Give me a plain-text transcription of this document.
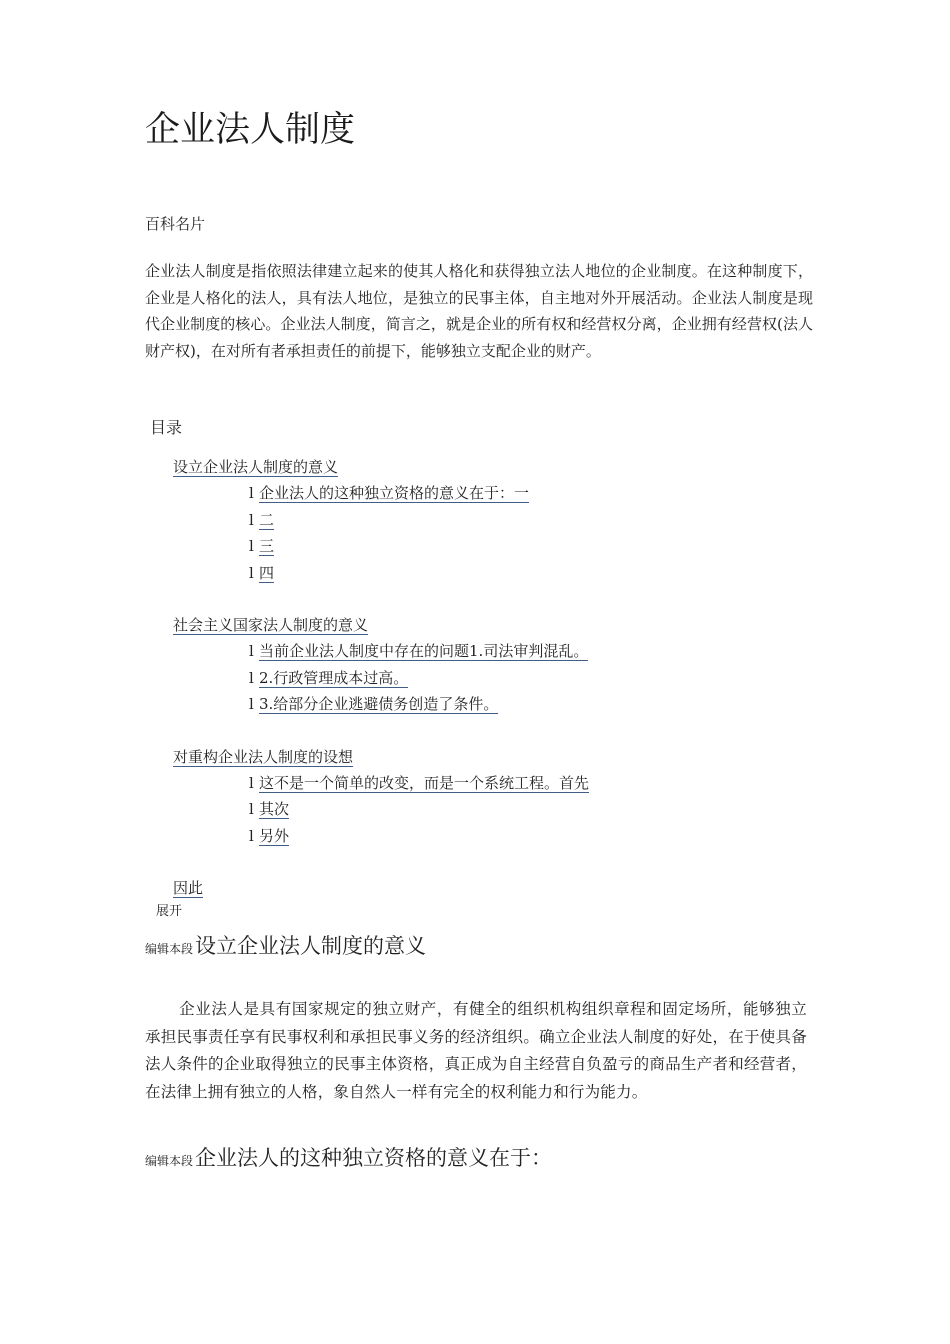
企业法人制度
百科名片

企业法人制度是指依照法律建立起来的使其人格化和获得独立法人地位的企业制度。在这种制度下，企业是人格化的法人，具有法人地位，是独立的民事主体，自主地对外开展活动。企业法人制度是现代企业制度的核心。企业法人制度，简言之，就是企业的所有权和经营权分离，企业拥有经营权(法人财产权)，在对所有者承担责任的前提下，能够独立支配企业的财产。

目录
设立企业法人制度的意义
l 企业法人的这种独立资格的意义在于：一
l 二
l 三
l 四
社会主义国家法人制度的意义
l 当前企业法人制度中存在的问题1.司法审判混乱。
l 2.行政管理成本过高。
l 3.给部分企业逃避债务创造了条件。
对重构企业法人制度的设想
l 这不是一个简单的改变，而是一个系统工程。首先
l 其次
l 另外
因此
展开
编辑本段设立企业法人制度的意义

企业法人是具有国家规定的独立财产，有健全的组织机构组织章程和固定场所，能够独立承担民事责任享有民事权利和承担民事义务的经济组织。确立企业法人制度的好处，在于使具备法人条件的企业取得独立的民事主体资格，真正成为自主经营自负盈亏的商品生产者和经营者，在法律上拥有独立的人格，象自然人一样有完全的权利能力和行为能力。

编辑本段企业法人的这种独立资格的意义在于：
